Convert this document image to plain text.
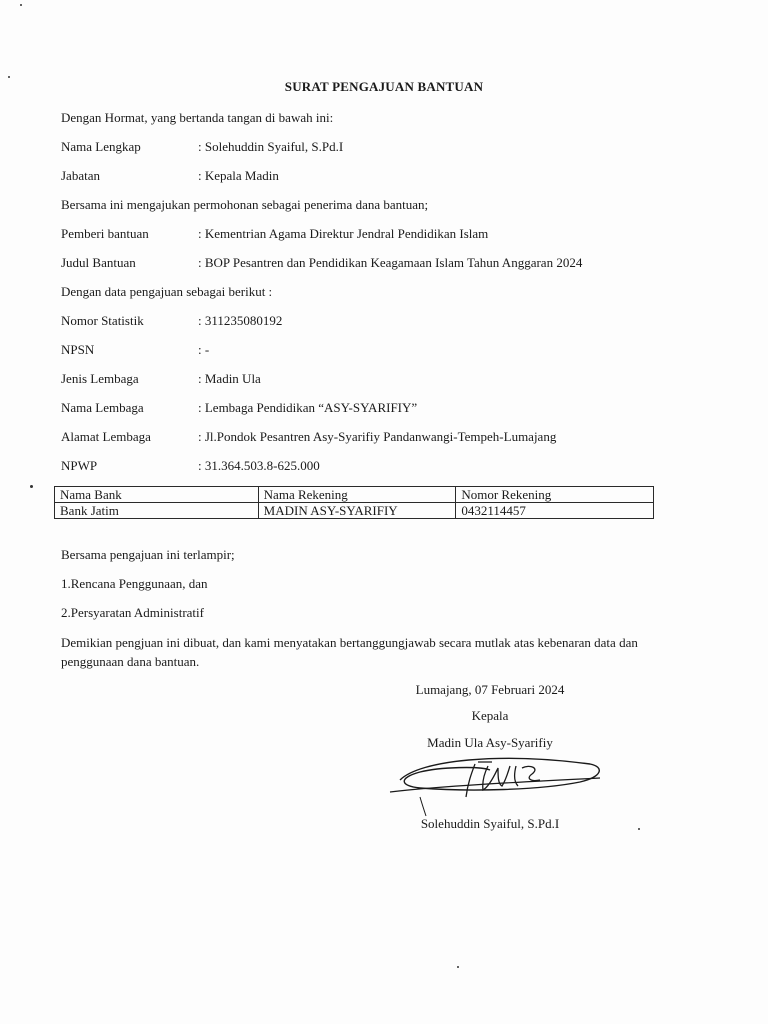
SURAT PENGAJUAN BANTUAN
Dengan Hormat, yang bertanda tangan di bawah ini:
Nama Lengkap	: Solehuddin Syaiful, S.Pd.I
Jabatan	: Kepala Madin
Bersama ini mengajukan permohonan sebagai penerima dana bantuan;
Pemberi bantuan	: Kementrian Agama Direktur Jendral Pendidikan Islam
Judul Bantuan	: BOP Pesantren dan Pendidikan Keagamaan Islam Tahun Anggaran 2024
Dengan data pengajuan sebagai berikut :
Nomor Statistik	: 311235080192
NPSN	: -
Jenis Lembaga	: Madin Ula
Nama Lembaga	: Lembaga Pendidikan “ASY-SYARIFIY”
Alamat Lembaga	: Jl.Pondok Pesantren Asy-Syarifiy Pandanwangi-Tempeh-Lumajang
NPWP	: 31.364.503.8-625.000
Nama Bank	Nama Rekening	Nomor Rekening
Bank Jatim	MADIN ASY-SYARIFIY	0432114457
Bersama pengajuan ini terlampir;
1.Rencana Penggunaan, dan
2.Persyaratan Administratif
Demikian pengjuan ini dibuat, dan kami menyatakan bertanggungjawab secara mutlak atas kebenaran data dan
penggunaan dana bantuan.
Lumajang, 07 Februari 2024
Kepala
Madin Ula Asy-Syarifiy
Solehuddin Syaiful, S.Pd.I
